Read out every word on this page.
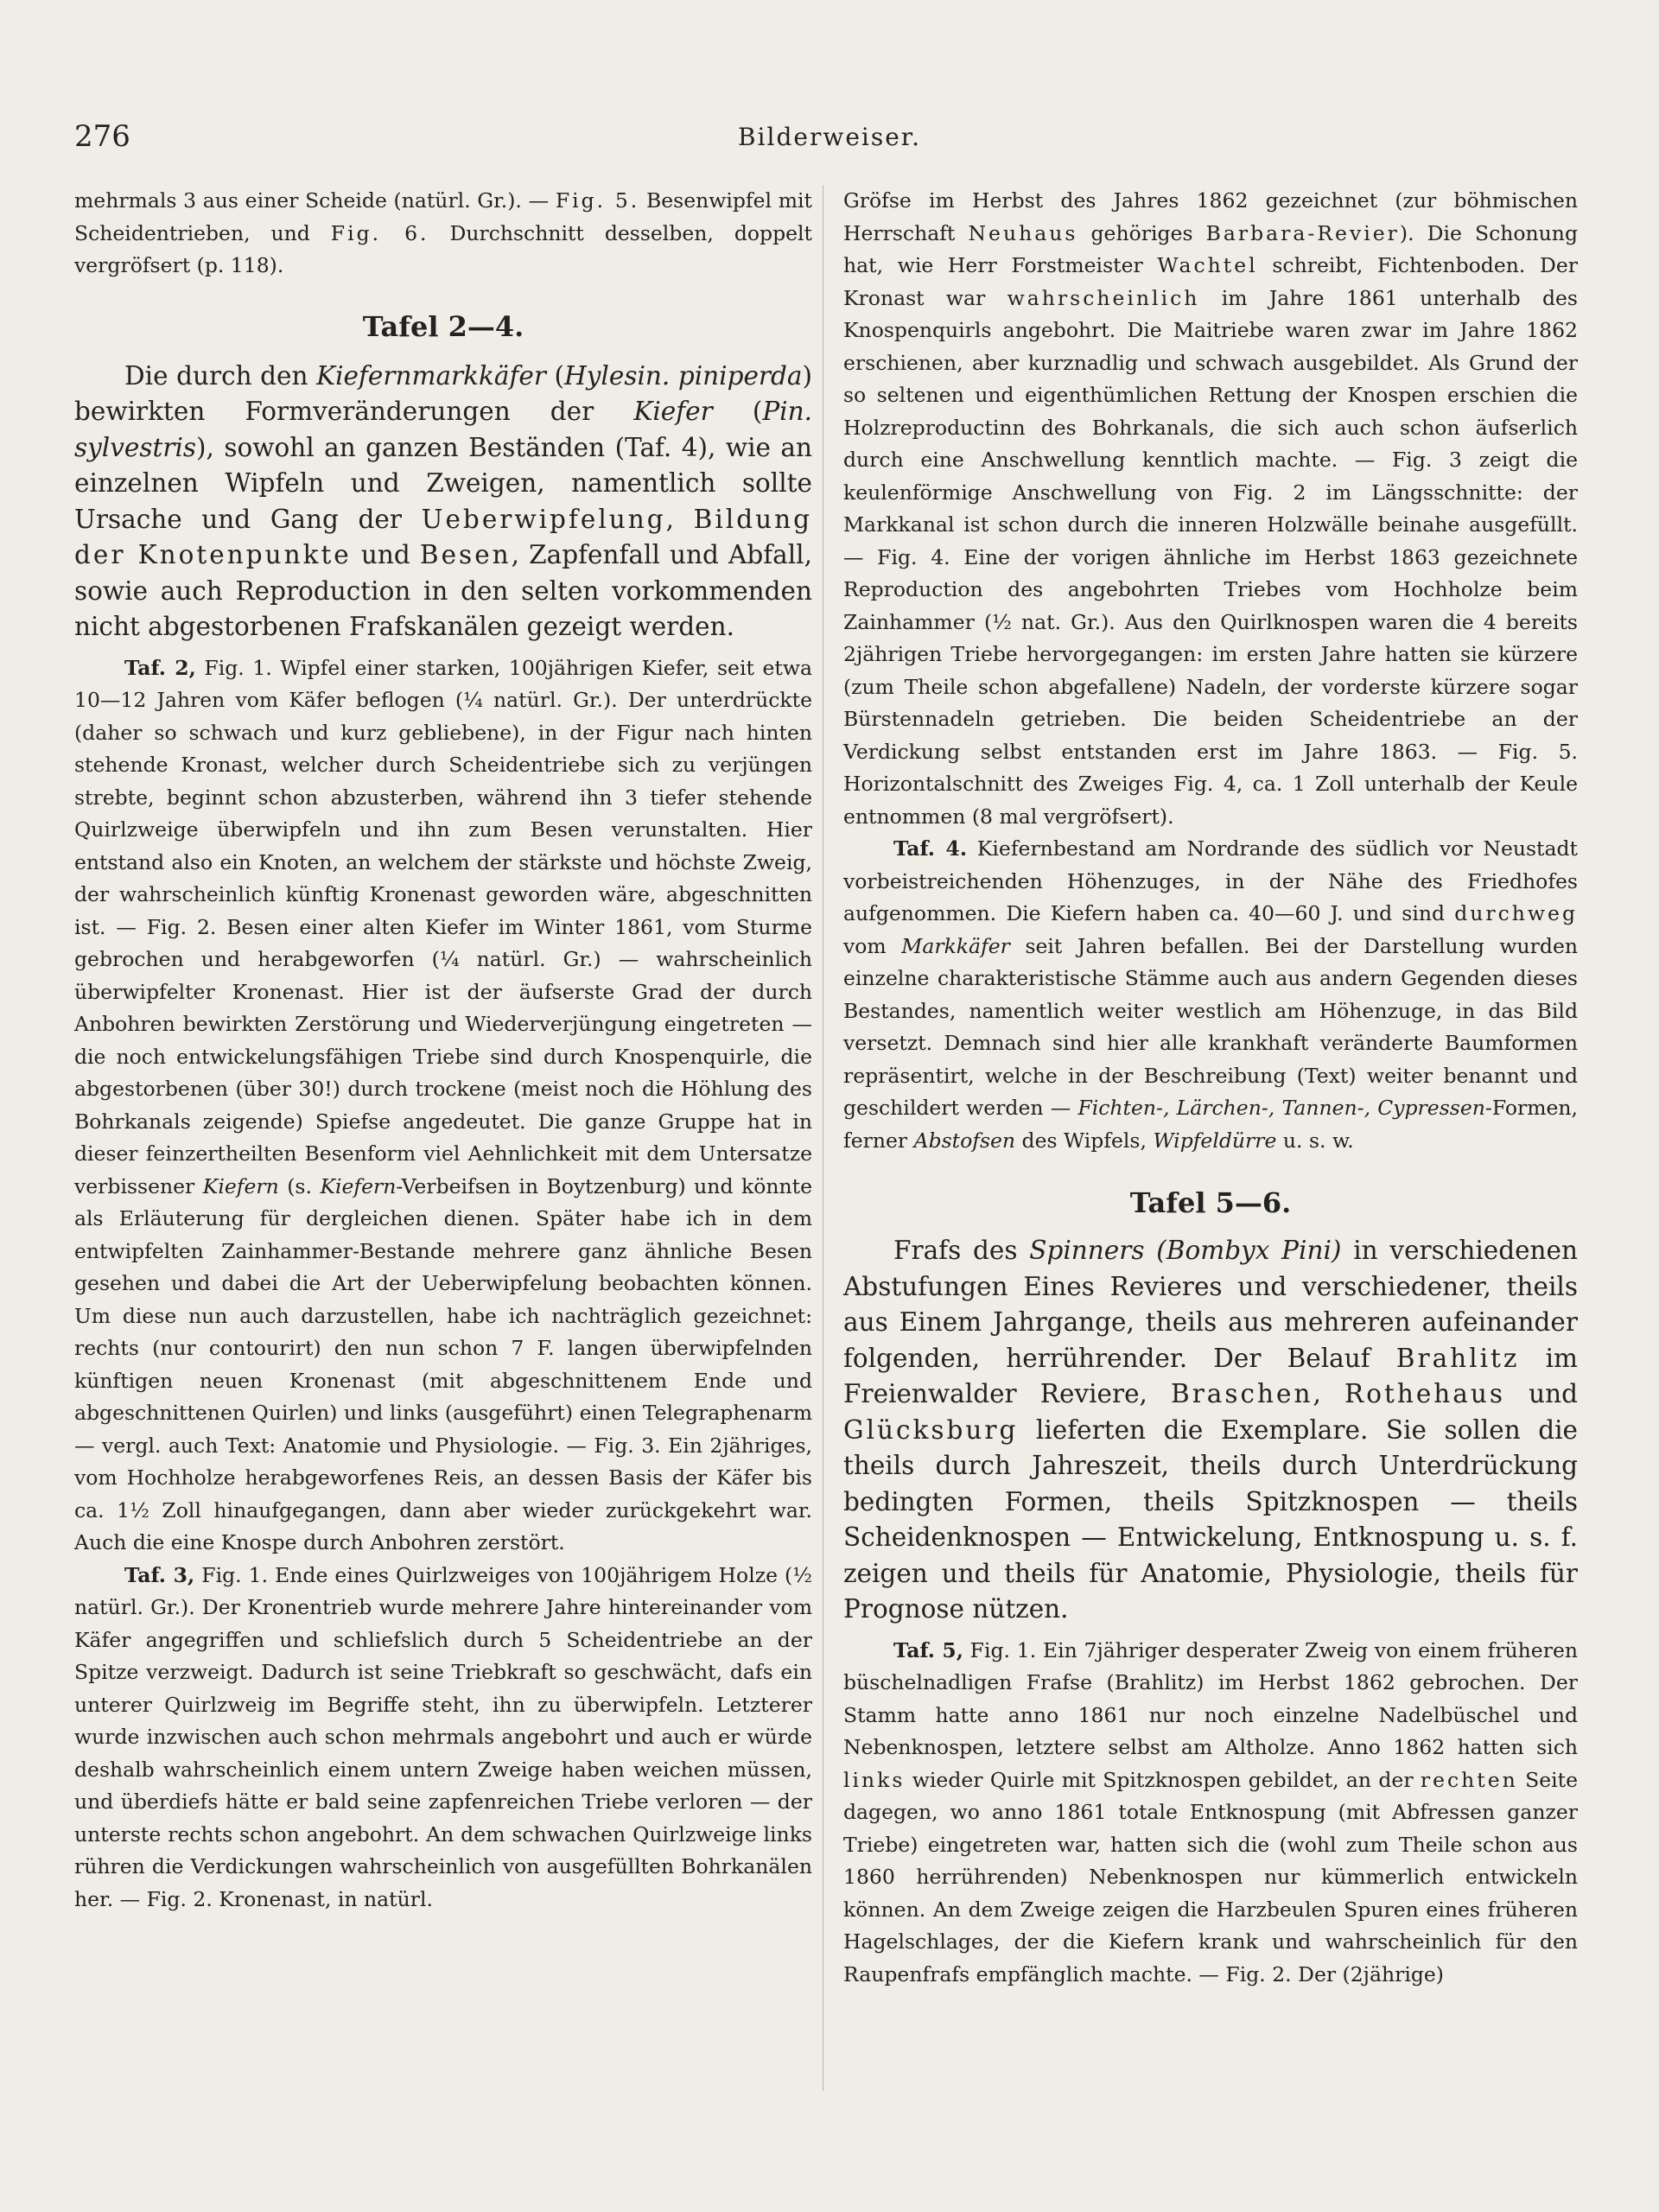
276	Bilderweiser.

mehrmals 3 aus einer Scheide (natürl. Gr.). — Fig. 5. Besenwipfel mit Scheidentrieben, und Fig. 6. Durchschnitt desselben, doppelt vergröfsert (p. 118).

Tafel 2—4.

Die durch den Kiefernmarkkäfer (Hylesin. piniperda) bewirkten Formveränderungen der Kiefer (Pin. sylvestris), sowohl an ganzen Beständen (Taf. 4), wie an einzelnen Wipfeln und Zweigen, namentlich sollte Ursache und Gang der Ueberwipfelung, Bildung der Knotenpunkte und Besen, Zapfenfall und Abfall, sowie auch Reproduction in den selten vorkommenden nicht abgestorbenen Frafskanälen gezeigt werden.

Taf. 2, Fig. 1. Wipfel einer starken, 100jährigen Kiefer, seit etwa 10—12 Jahren vom Käfer beflogen (¼ natürl. Gr.). Der unterdrückte (daher so schwach und kurz gebliebene), in der Figur nach hinten stehende Kronast, welcher durch Scheidentriebe sich zu verjüngen strebte, beginnt schon abzusterben, während ihn 3 tiefer stehende Quirlzweige überwipfeln und ihn zum Besen verunstalten. Hier entstand also ein Knoten, an welchem der stärkste und höchste Zweig, der wahrscheinlich künftig Kronenast geworden wäre, abgeschnitten ist. — Fig. 2. Besen einer alten Kiefer im Winter 1861, vom Sturme gebrochen und herabgeworfen (¼ natürl. Gr.) — wahrscheinlich überwipfelter Kronenast. Hier ist der äufserste Grad der durch Anbohren bewirkten Zerstörung und Wiederverjüngung eingetreten — die noch entwickelungsfähigen Triebe sind durch Knospenquirle, die abgestorbenen (über 30!) durch trockene (meist noch die Höhlung des Bohrkanals zeigende) Spiefse angedeutet. Die ganze Gruppe hat in dieser feinzertheilten Besenform viel Aehnlichkeit mit dem Untersatze verbissener Kiefern (s. Kiefern-Verbeifsen in Boytzenburg) und könnte als Erläuterung für dergleichen dienen. Später habe ich in dem entwipfelten Zainhammer-Bestande mehrere ganz ähnliche Besen gesehen und dabei die Art der Ueberwipfelung beobachten können. Um diese nun auch darzustellen, habe ich nachträglich gezeichnet: rechts (nur contourirt) den nun schon 7 F. langen überwipfelnden künftigen neuen Kronenast (mit abgeschnittenem Ende und abgeschnittenen Quirlen) und links (ausgeführt) einen Telegraphenarm — vergl. auch Text: Anatomie und Physiologie. — Fig. 3. Ein 2jähriges, vom Hochholze herabgeworfenes Reis, an dessen Basis der Käfer bis ca. 1½ Zoll hinaufgegangen, dann aber wieder zurückgekehrt war. Auch die eine Knospe durch Anbohren zerstört.

Taf. 3, Fig. 1. Ende eines Quirlzweiges von 100jährigem Holze (½ natürl. Gr.). Der Kronentrieb wurde mehrere Jahre hintereinander vom Käfer angegriffen und schliefslich durch 5 Scheidentriebe an der Spitze verzweigt. Dadurch ist seine Triebkraft so geschwächt, dafs ein unterer Quirlzweig im Begriffe steht, ihn zu überwipfeln. Letzterer wurde inzwischen auch schon mehrmals angebohrt und auch er würde deshalb wahrscheinlich einem untern Zweige haben weichen müssen, und überdiefs hätte er bald seine zapfenreichen Triebe verloren — der unterste rechts schon angebohrt. An dem schwachen Quirlzweige links rühren die Verdickungen wahrscheinlich von ausgefüllten Bohrkanälen her. — Fig. 2. Kronenast, in natürl.

Gröfse im Herbst des Jahres 1862 gezeichnet (zur böhmischen Herrschaft Neuhaus gehöriges Barbara-Revier). Die Schonung hat, wie Herr Forstmeister Wachtel schreibt, Fichtenboden. Der Kronast war wahrscheinlich im Jahre 1861 unterhalb des Knospenquirls angebohrt. Die Maitriebe waren zwar im Jahre 1862 erschienen, aber kurznadlig und schwach ausgebildet. Als Grund der so seltenen und eigenthümlichen Rettung der Knospen erschien die Holzreproductinn des Bohrkanals, die sich auch schon äufserlich durch eine Anschwellung kenntlich machte. — Fig. 3 zeigt die keulenförmige Anschwellung von Fig. 2 im Längsschnitte: der Markkanal ist schon durch die inneren Holzwälle beinahe ausgefüllt. — Fig. 4. Eine der vorigen ähnliche im Herbst 1863 gezeichnete Reproduction des angebohrten Triebes vom Hochholze beim Zainhammer (½ nat. Gr.). Aus den Quirlknospen waren die 4 bereits 2jährigen Triebe hervorgegangen: im ersten Jahre hatten sie kürzere (zum Theile schon abgefallene) Nadeln, der vorderste kürzere sogar Bürstennadeln getrieben. Die beiden Scheidentriebe an der Verdickung selbst entstanden erst im Jahre 1863. — Fig. 5. Horizontalschnitt des Zweiges Fig. 4, ca. 1 Zoll unterhalb der Keule entnommen (8 mal vergröfsert).

Taf. 4. Kiefernbestand am Nordrande des südlich vor Neustadt vorbeistreichenden Höhenzuges, in der Nähe des Friedhofes aufgenommen. Die Kiefern haben ca. 40—60 J. und sind durchweg vom Markkäfer seit Jahren befallen. Bei der Darstellung wurden einzelne charakteristische Stämme auch aus andern Gegenden dieses Bestandes, namentlich weiter westlich am Höhenzuge, in das Bild versetzt. Demnach sind hier alle krankhaft veränderte Baumformen repräsentirt, welche in der Beschreibung (Text) weiter benannt und geschildert werden — Fichten-, Lärchen-, Tannen-, Cypressen-Formen, ferner Abstofsen des Wipfels, Wipfeldürre u. s. w.

Tafel 5—6.

Frafs des Spinners (Bombyx Pini) in verschiedenen Abstufungen Eines Revieres und verschiedener, theils aus Einem Jahrgange, theils aus mehreren aufeinander folgenden, herrührender. Der Belauf Brahlitz im Freienwalder Reviere, Braschen, Rothehaus und Glücksburg lieferten die Exemplare. Sie sollen die theils durch Jahreszeit, theils durch Unterdrückung bedingten Formen, theils Spitzknospen — theils Scheidenknospen — Entwickelung, Entknospung u. s. f. zeigen und theils für Anatomie, Physiologie, theils für Prognose nützen.

Taf. 5, Fig. 1. Ein 7jähriger desperater Zweig von einem früheren büschelnadligen Frafse (Brahlitz) im Herbst 1862 gebrochen. Der Stamm hatte anno 1861 nur noch einzelne Nadelbüschel und Nebenknospen, letztere selbst am Altholze. Anno 1862 hatten sich links wieder Quirle mit Spitzknospen gebildet, an der rechten Seite dagegen, wo anno 1861 totale Entknospung (mit Abfressen ganzer Triebe) eingetreten war, hatten sich die (wohl zum Theile schon aus 1860 herrührenden) Nebenknospen nur kümmerlich entwickeln können. An dem Zweige zeigen die Harzbeulen Spuren eines früheren Hagelschlages, der die Kiefern krank und wahrscheinlich für den Raupenfrafs empfänglich machte. — Fig. 2. Der (2jährige)
